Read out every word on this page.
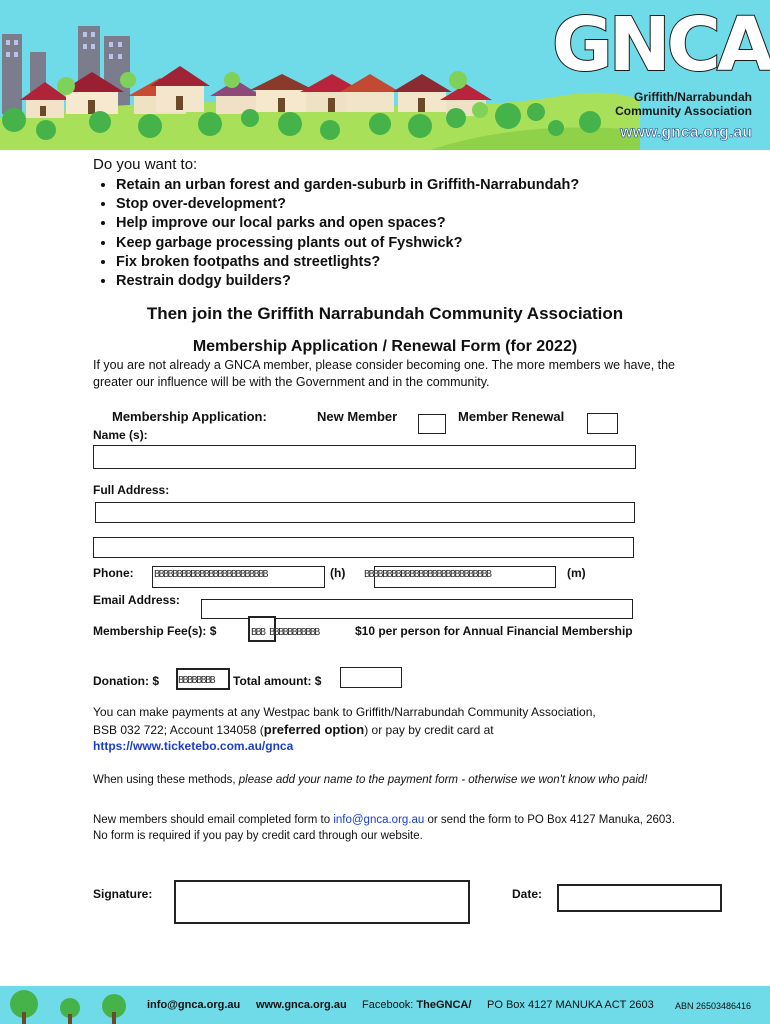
GNCA
Griffith/Narrabundah
Community Association
www.gnca.org.au
Do you want to:
• Retain an urban forest and garden-suburb in Griffith-Narrabundah?
• Stop over-development?
• Help improve our local parks and open spaces?
• Keep garbage processing plants out of Fyshwick?
• Fix broken footpaths and streetlights?
• Restrain dodgy builders?
Then join the Griffith Narrabundah Community Association
Membership Application / Renewal Form (for 2022)
If you are not already a GNCA member, please consider becoming one. The more members we have, the greater our influence will be with the Government and in the community.
Membership Application:	New Member	Member Renewal
Name (s):
Full Address:
Phone: BBBBBBBBBBBBBBBBBBBBBBBBB	(h) BBBBBBBBBBBBBBBBBBBBBBBBBBBB	(m)
Email Address:
Membership Fee(s): $	BBB BBBBBBBBBBB	$10 per person for Annual Financial Membership
Donation: $ BBBBBBBB Total amount: $
You can make payments at any Westpac bank to Griffith/Narrabundah Community Association,
BSB 032 722; Account 134058 (preferred option) or pay by credit card at
https://www.ticketebo.com.au/gnca
When using these methods, please add your name to the payment form - otherwise we won't know who paid!
New members should email completed form to info@gnca.org.au or send the form to PO Box 4127 Manuka, 2603. No form is required if you pay by credit card through our website.
Signature:	Date:
info@gnca.org.au www.gnca.org.au Facebook: TheGNCA/ PO Box 4127 MANUKA ACT 2603 ABN 26503486416
